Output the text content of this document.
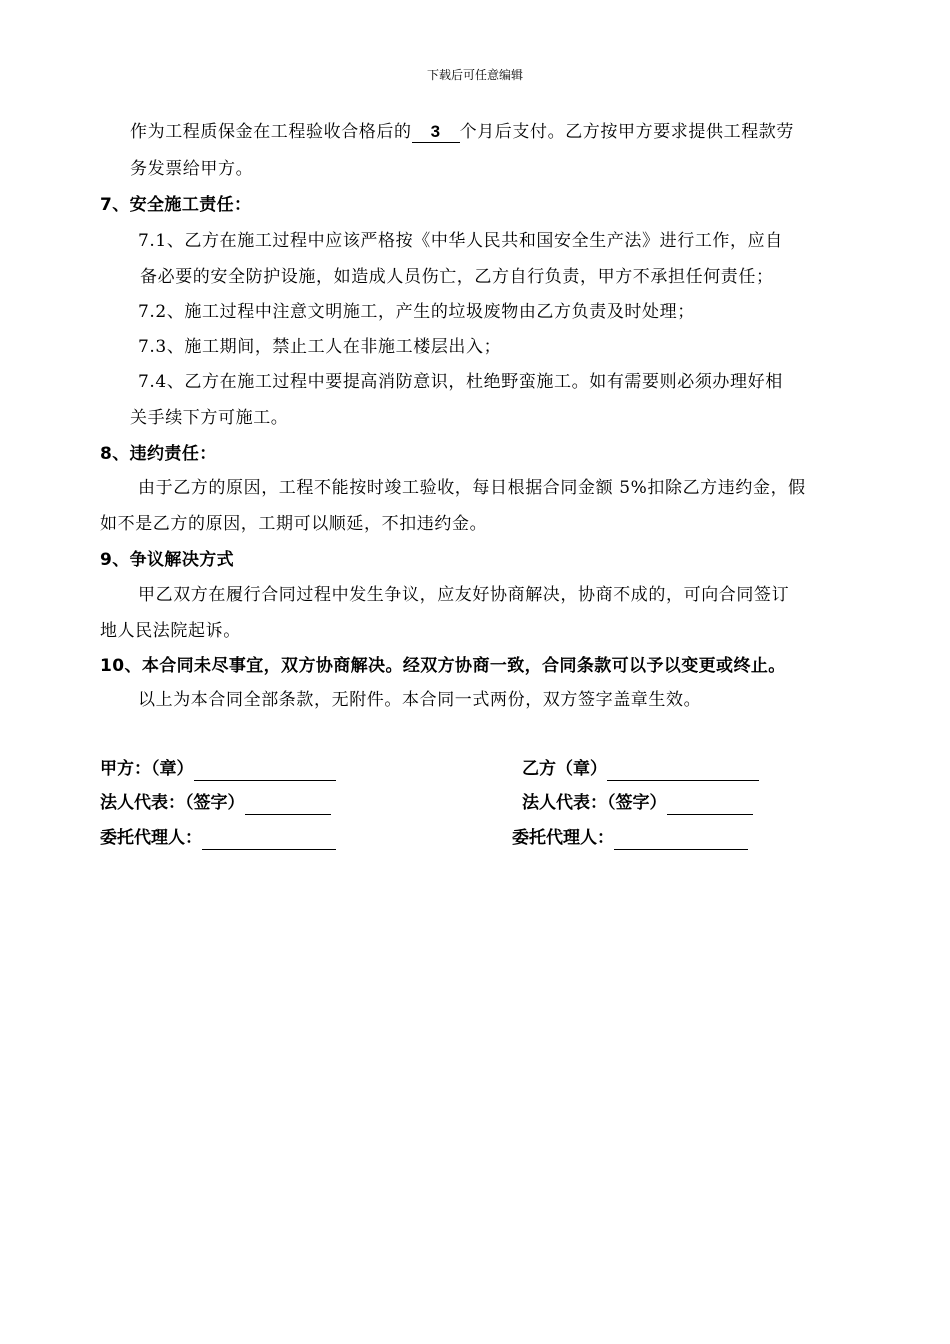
下载后可任意编辑
作为工程质保金在工程验收合格后的 3 个月后支付。乙方按甲方要求提供工程款劳
务发票给甲方。
7、安全施工责任：
7.1、乙方在施工过程中应该严格按《中华人民共和国安全生产法》进行工作，应自
备必要的安全防护设施，如造成人员伤亡，乙方自行负责，甲方不承担任何责任；
7.2、施工过程中注意文明施工，产生的垃圾废物由乙方负责及时处理；
7.3、施工期间，禁止工人在非施工楼层出入；
7.4、乙方在施工过程中要提高消防意识，杜绝野蛮施工。如有需要则必须办理好相
关手续下方可施工。
8、违约责任：
由于乙方的原因，工程不能按时竣工验收，每日根据合同金额 5%扣除乙方违约金，假
如不是乙方的原因，工期可以顺延，不扣违约金。
9、争议解决方式
甲乙双方在履行合同过程中发生争议，应友好协商解决，协商不成的，可向合同签订
地人民法院起诉。
10、本合同未尽事宜，双方协商解决。经双方协商一致，合同条款可以予以变更或终止。
以上为本合同全部条款，无附件。本合同一式两份，双方签字盖章生效。
甲方：（章）
法人代表：（签字）
委托代理人：
乙方（章）
法人代表：（签字）
委托代理人：
